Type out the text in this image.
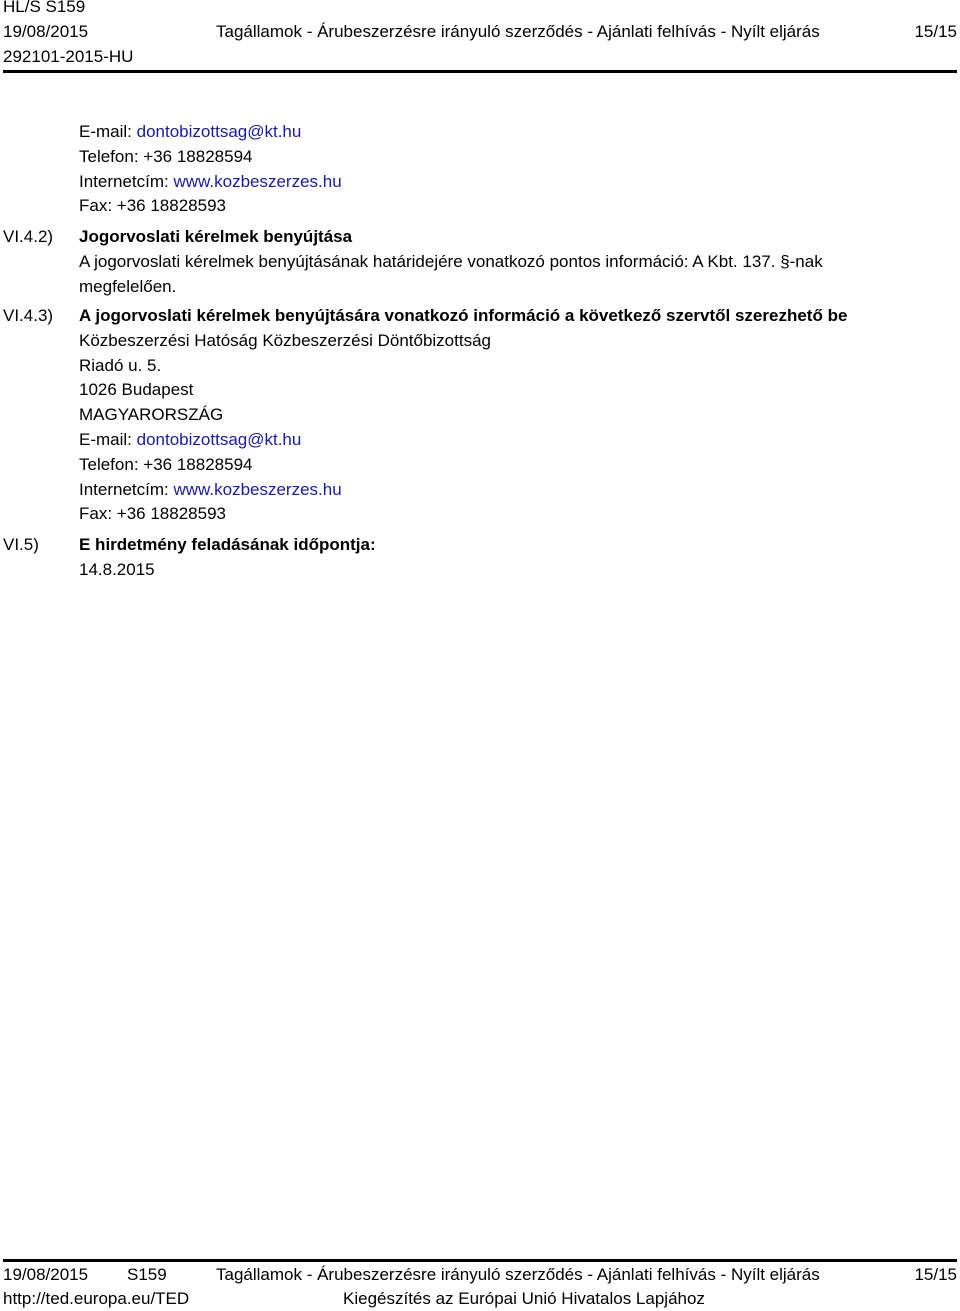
HL/S S159
19/08/2015
292101-2015-HU
Tagállamok - Árubeszerzésre irányuló szerződés - Ajánlati felhívás - Nyílt eljárás	15/15
E-mail: dontobizottsag@kt.hu
Telefon: +36 18828594
Internetcím: www.kozbeszerzes.hu
Fax: +36 18828593
VI.4.2) Jogorvoslati kérelmek benyújtása
A jogorvoslati kérelmek benyújtásának határidejére vonatkozó pontos információ: A Kbt. 137. §-nak
megfelelően.
VI.4.3) A jogorvoslati kérelmek benyújtására vonatkozó információ a következő szervtől szerezhető be
Közbeszerzési Hatóság Közbeszerzési Döntőbizottság
Riadó u. 5.
1026 Budapest
MAGYARORSZÁG
E-mail: dontobizottsag@kt.hu
Telefon: +36 18828594
Internetcím: www.kozbeszerzes.hu
Fax: +36 18828593
VI.5) E hirdetmény feladásának időpontja:
14.8.2015
19/08/2015 S159	Tagállamok - Árubeszerzésre irányuló szerződés - Ajánlati felhívás - Nyílt eljárás	15/15
http://ted.europa.eu/TED	Kiegészítés az Európai Unió Hivatalos Lapjához
